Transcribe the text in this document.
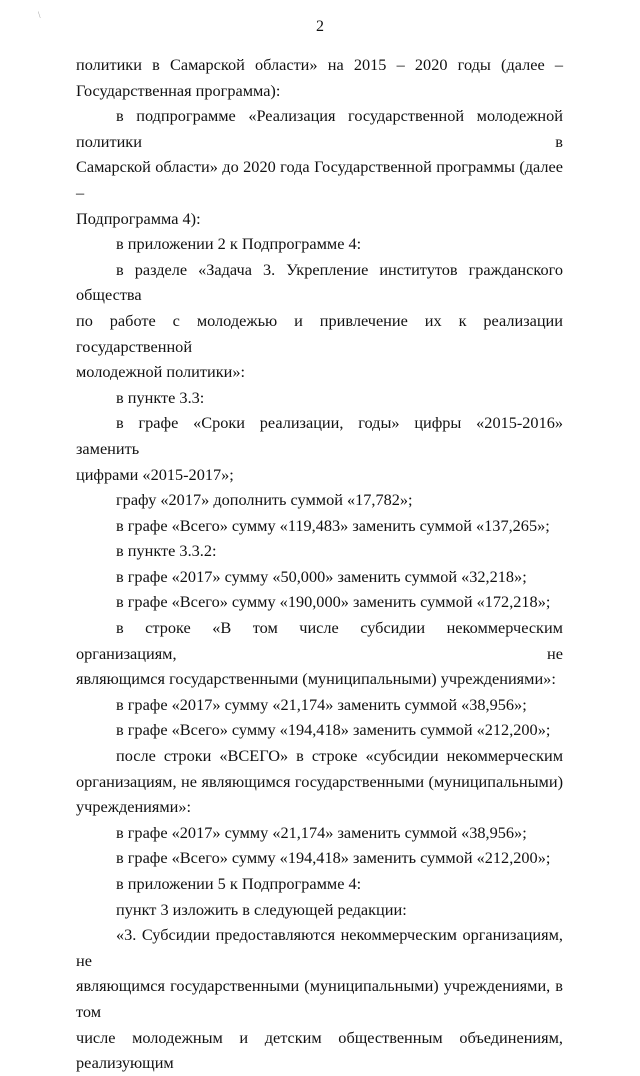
\
2
политики в Самарской области» на 2015 – 2020 годы (далее –
Государственная программа):
в подпрограмме «Реализация государственной молодежной политики в
Самарской области» до 2020 года Государственной программы (далее –
Подпрограмма 4):
в приложении 2 к Подпрограмме 4:
в разделе «Задача 3. Укрепление институтов гражданского общества
по работе с молодежью и привлечение их к реализации государственной
молодежной политики»:
в пункте 3.3:
в графе «Сроки реализации, годы» цифры «2015-2016» заменить
цифрами «2015-2017»;
графу «2017» дополнить суммой «17,782»;
в графе «Всего» сумму «119,483» заменить суммой «137,265»;
в пункте 3.3.2:
в графе «2017» сумму «50,000» заменить суммой «32,218»;
в графе «Всего» сумму «190,000» заменить суммой «172,218»;
в строке «В том числе субсидии некоммерческим организациям, не
являющимся государственными (муниципальными) учреждениями»:
в графе «2017» сумму «21,174» заменить суммой «38,956»;
в графе «Всего» сумму «194,418» заменить суммой «212,200»;
после строки «ВСЕГО» в строке «субсидии некоммерческим
организациям, не являющимся государственными (муниципальными)
учреждениями»:
в графе «2017» сумму «21,174» заменить суммой «38,956»;
в графе «Всего» сумму «194,418» заменить суммой «212,200»;
в приложении 5 к Подпрограмме 4:
пункт 3 изложить в следующей редакции:
«3. Субсидии предоставляются некоммерческим организациям, не
являющимся государственными (муниципальными) учреждениями, в том
числе молодежным и детским общественным объединениям, реализующим
